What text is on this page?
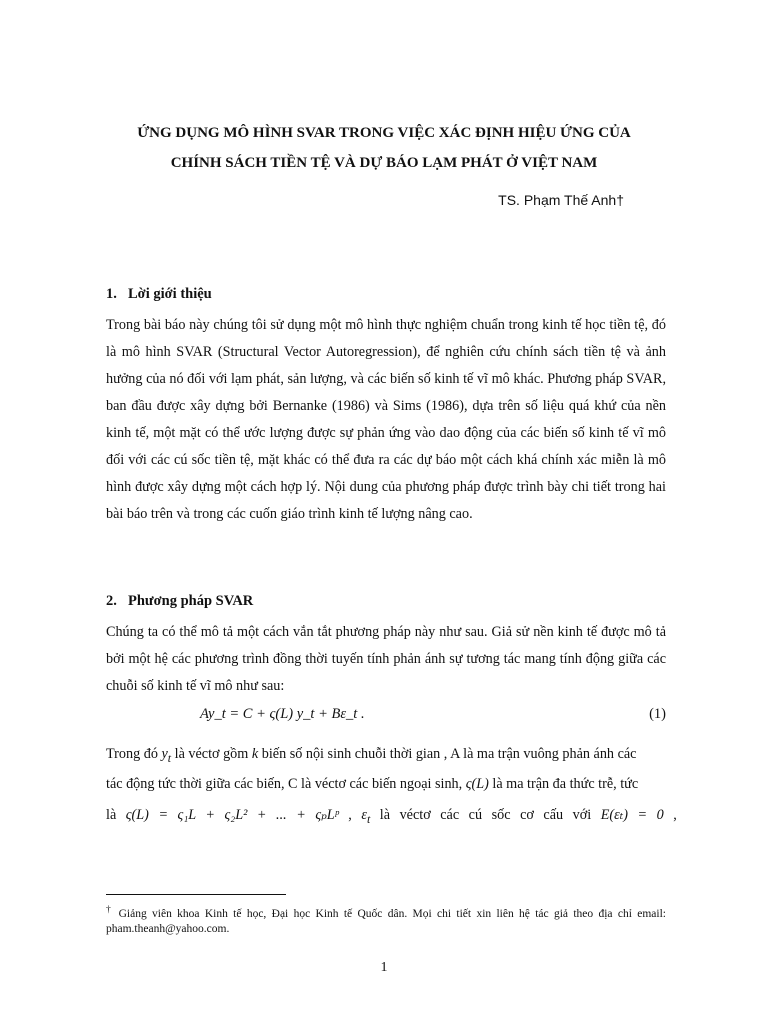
ỨNG DỤNG MÔ HÌNH SVAR TRONG VIỆC XÁC ĐỊNH HIỆU ỨNG CỦA
CHÍNH SÁCH TIỀN TỆ VÀ DỰ BÁO LẠM PHÁT Ở VIỆT NAM
TS. Phạm Thế Anh†
1. Lời giới thiệu

Trong bài báo này chúng tôi sử dụng một mô hình thực nghiệm chuẩn trong kinh tế học tiền tệ, đó là mô hình SVAR (Structural Vector Autoregression), để nghiên cứu chính sách tiền tệ và ảnh hưởng của nó đối với lạm phát, sản lượng, và các biến số kinh tế vĩ mô khác. Phương pháp SVAR, ban đầu được xây dựng bởi Bernanke (1986) và Sims (1986), dựa trên số liệu quá khứ của nền kinh tế, một mặt có thể ước lượng được sự phản ứng vào dao động của các biến số kinh tế vĩ mô đối với các cú sốc tiền tệ, mặt khác có thể đưa ra các dự báo một cách khá chính xác miễn là mô hình được xây dựng một cách hợp lý. Nội dung của phương pháp được trình bày chi tiết trong hai bài báo trên và trong các cuốn giáo trình kinh tế lượng nâng cao.

2. Phương pháp SVAR

Chúng ta có thể mô tả một cách vắn tắt phương pháp này như sau. Giả sử nền kinh tế được mô tả bởi một hệ các phương trình đồng thời tuyến tính phản ánh sự tương tác mang tính động giữa các chuỗi số kinh tế vĩ mô như sau:

Ay_t = C + ς(L) y_t + Bε_t .	(1)
Trong đó $y_t$ là véctơ gồm k biến số nội sinh chuỗi thời gian , A là ma trận vuông phản ánh các
tác động tức thời giữa các biến, C là véctơ các biến ngoại sinh, ς(L) là ma trận đa thức trễ, tức
là ς(L) = ς₁L + ς₂L² + ... + ςₚLᵖ , $\varepsilon_t$ là véctơ các cú sốc cơ cấu với E(εₜ) = 0 ,
† Giảng viên khoa Kinh tế học, Đại học Kinh tế Quốc dân. Mọi chi tiết xin liên hệ tác giả theo địa chỉ email: pham.theanh@yahoo.com.
1
